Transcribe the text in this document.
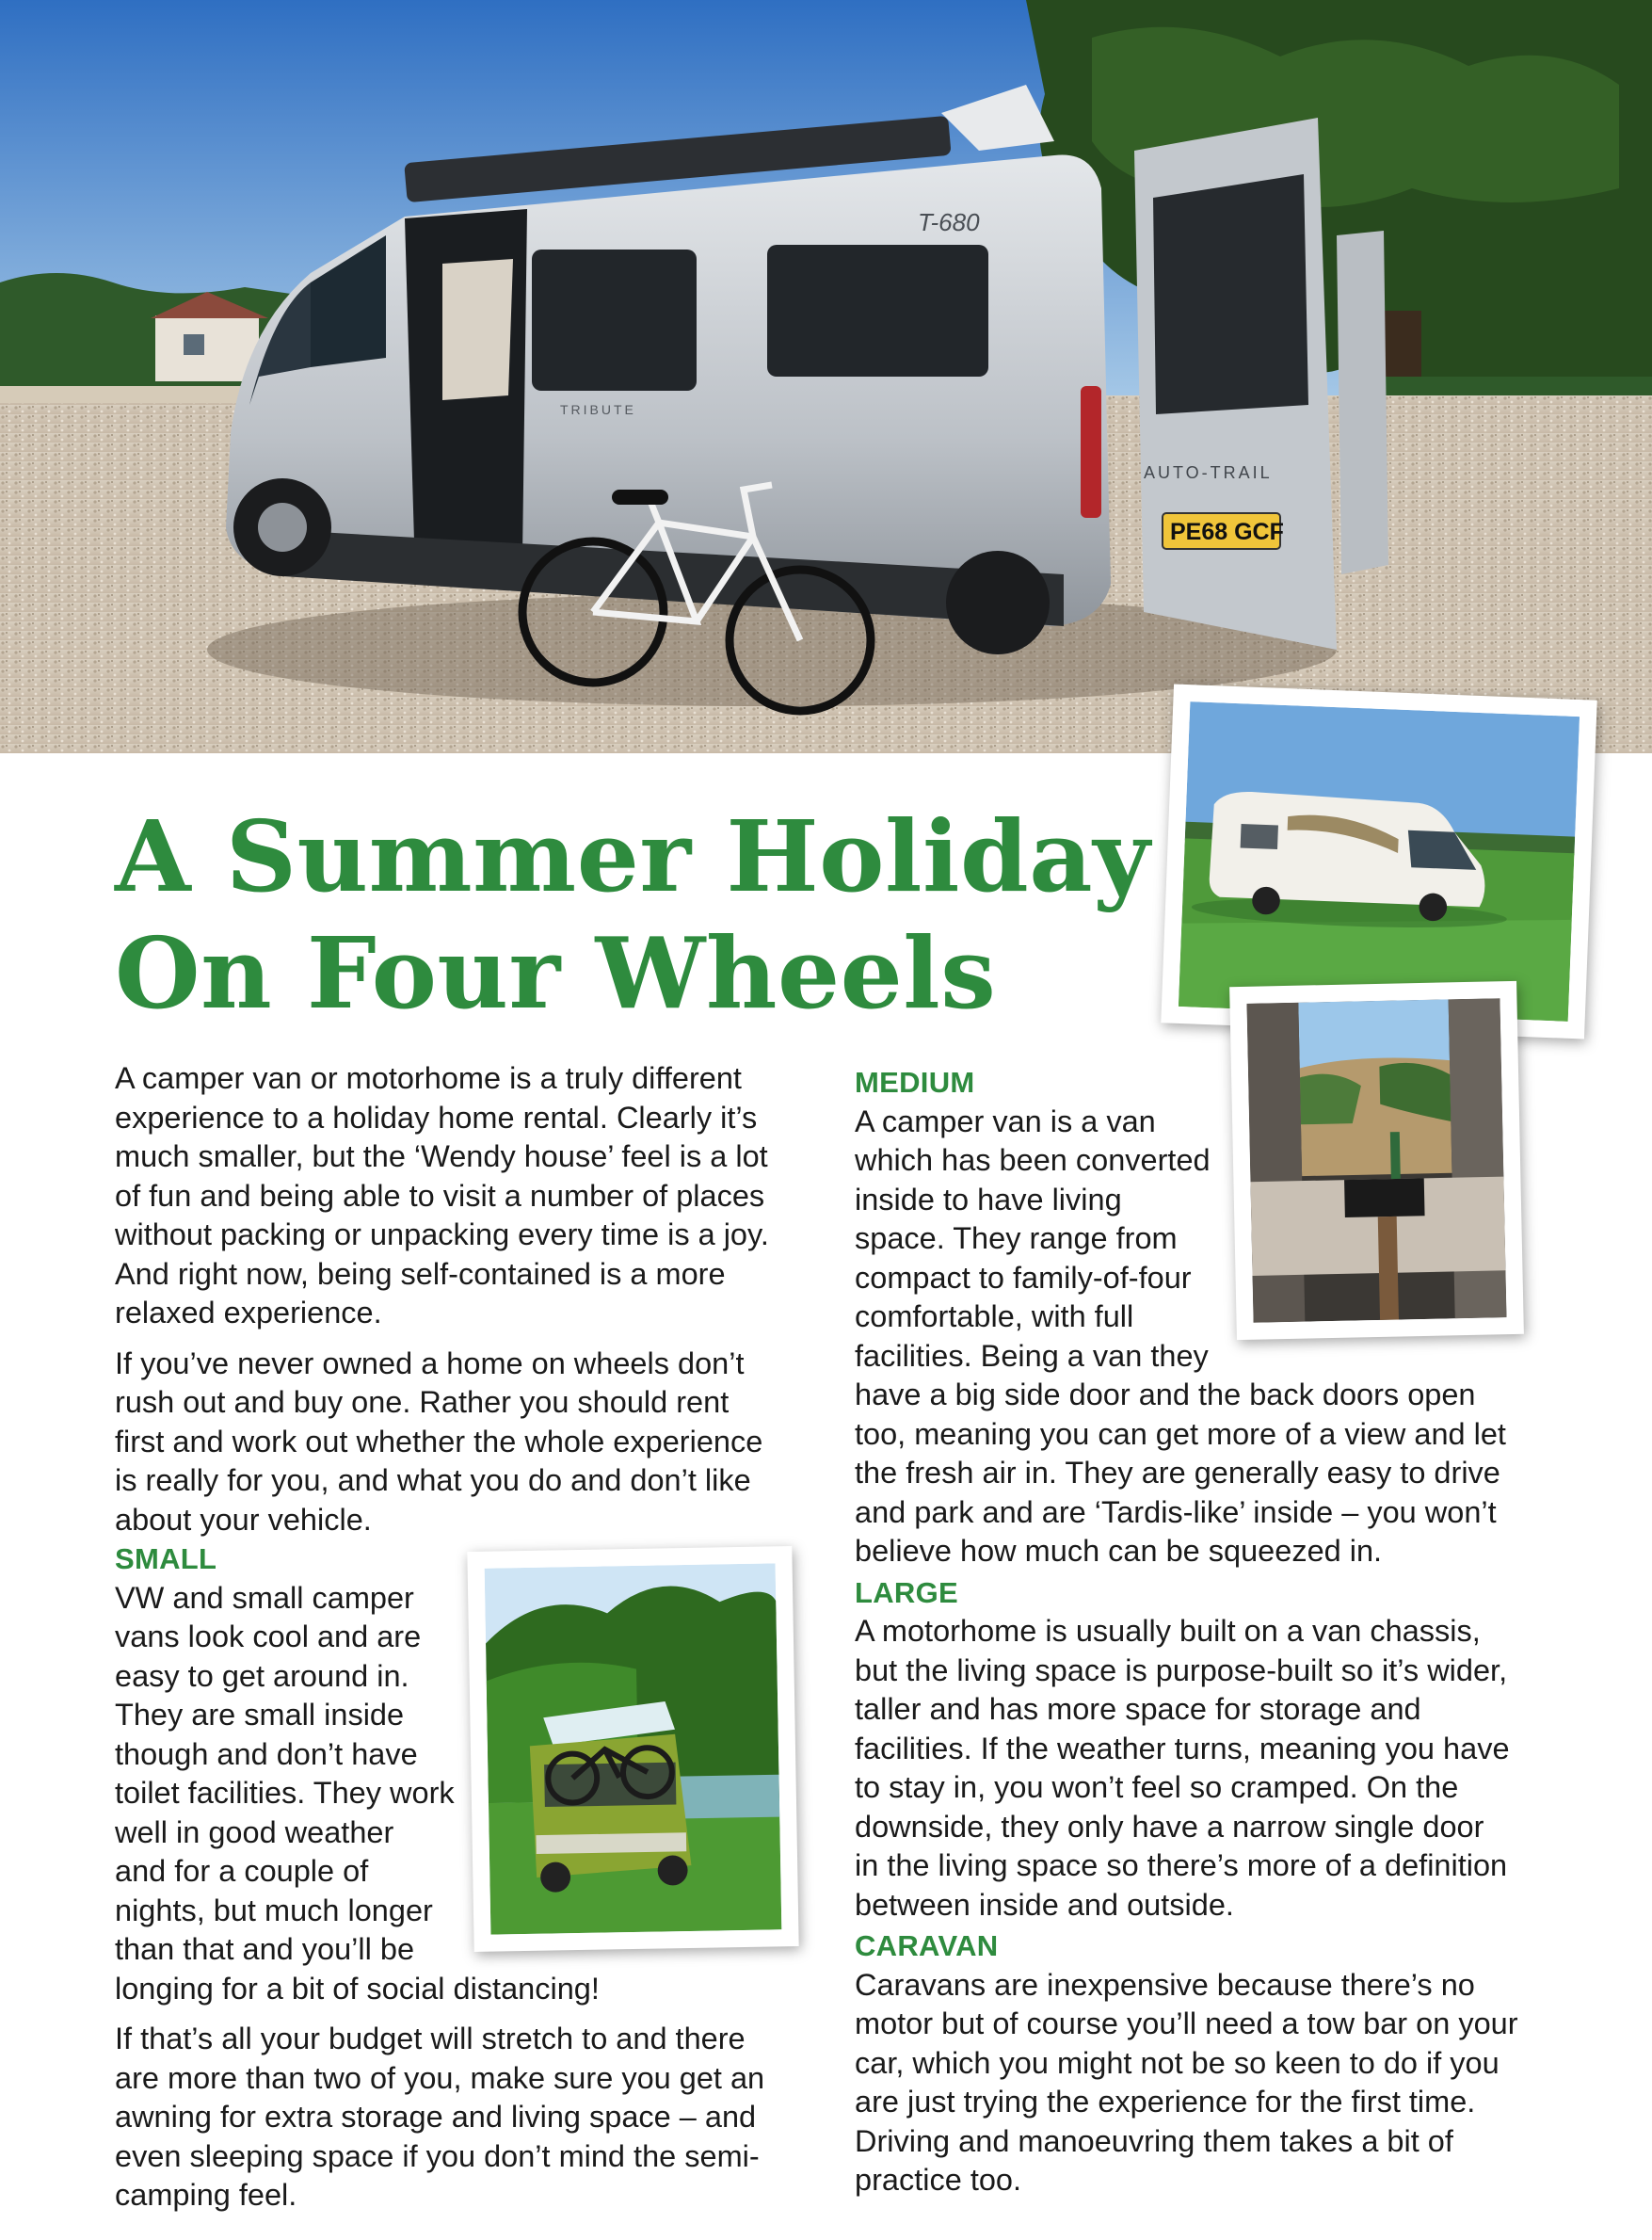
T-680
TRIBUTE
AUTO-TRAIL
PE68 GCF
A Summer Holiday
On Four Wheels

A camper van or motorhome is a truly different
experience to a holiday home rental. Clearly it’s
much smaller, but the ‘Wendy house’ feel is a lot
of fun and being able to visit a number of places
without packing or unpacking every time is a joy.
And right now, being self-contained is a more
relaxed experience.

If you’ve never owned a home on wheels don’t
rush out and buy one. Rather you should rent
first and work out whether the whole experience
is really for you, and what you do and don’t like
about your vehicle.

SMALL

VW and small camper
vans look cool and are
easy to get around in.
They are small inside
though and don’t have
toilet facilities. They work
well in good weather
and for a couple of
nights, but much longer
than that and you’ll be
longing for a bit of social distancing!

If that’s all your budget will stretch to and there
are more than two of you, make sure you get an
awning for extra storage and living space – and
even sleeping space if you don’t mind the semi-
camping feel.

MEDIUM

A camper van is a van
which has been converted
inside to have living
space. They range from
compact to family-of-four
comfortable, with full
facilities. Being a van they
have a big side door and the back doors open
too, meaning you can get more of a view and let
the fresh air in. They are generally easy to drive
and park and are ‘Tardis-like’ inside – you won’t
believe how much can be squeezed in.

LARGE

A motorhome is usually built on a van chassis,
but the living space is purpose-built so it’s wider,
taller and has more space for storage and
facilities. If the weather turns, meaning you have
to stay in, you won’t feel so cramped. On the
downside, they only have a narrow single door
in the living space so there’s more of a definition
between inside and outside.

CARAVAN

Caravans are inexpensive because there’s no
motor but of course you’ll need a tow bar on your
car, which you might not be so keen to do if you
are just trying the experience for the first time.
Driving and manoeuvring them takes a bit of
practice too.
